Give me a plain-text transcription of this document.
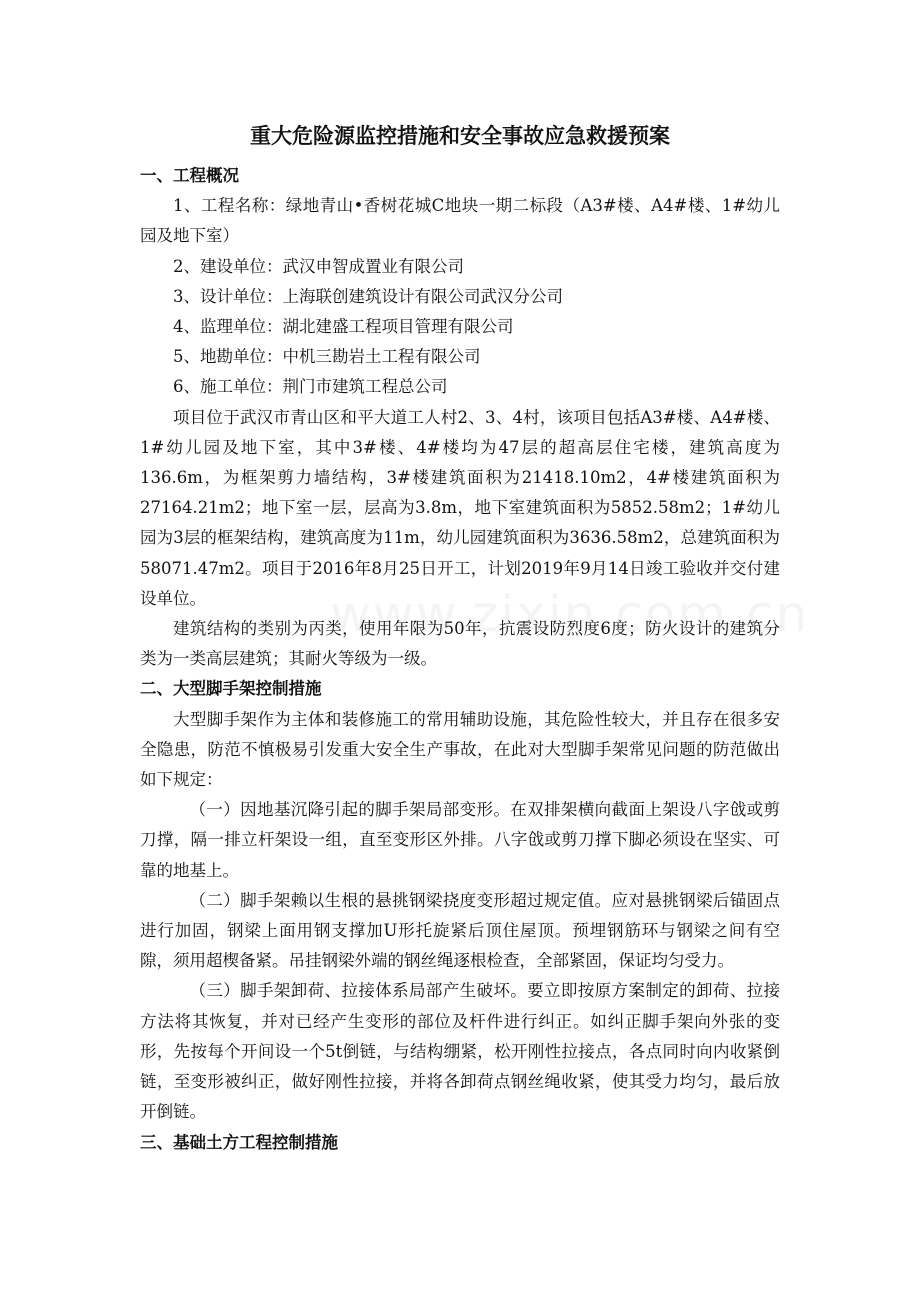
重大危险源监控措施和安全事故应急救援预案
一、工程概况
1、工程名称：绿地青山•香树花城C地块一期二标段（A3#楼、A4#楼、1#幼儿园及地下室）
2、建设单位：武汉申智成置业有限公司
3、设计单位：上海联创建筑设计有限公司武汉分公司
4、监理单位：湖北建盛工程项目管理有限公司
5、地勘单位：中机三勘岩土工程有限公司
6、施工单位：荆门市建筑工程总公司
项目位于武汉市青山区和平大道工人村2、3、4村，该项目包括A3#楼、A4#楼、1#幼儿园及地下室，其中3#楼、4#楼均为47层的超高层住宅楼，建筑高度为136.6m，为框架剪力墙结构，3#楼建筑面积为21418.10m2，4#楼建筑面积为27164.21m2；地下室一层，层高为3.8m，地下室建筑面积为5852.58m2；1#幼儿园为3层的框架结构，建筑高度为11m，幼儿园建筑面积为3636.58m2，总建筑面积为58071.47m2。项目于2016年8月25日开工，计划2019年9月14日竣工验收并交付建设单位。
建筑结构的类别为丙类，使用年限为50年，抗震设防烈度6度；防火设计的建筑分类为一类高层建筑；其耐火等级为一级。
二、大型脚手架控制措施
大型脚手架作为主体和装修施工的常用辅助设施，其危险性较大，并且存在很多安全隐患，防范不慎极易引发重大安全生产事故，在此对大型脚手架常见问题的防范做出如下规定：
（一）因地基沉降引起的脚手架局部变形。在双排架横向截面上架设八字戗或剪刀撑，隔一排立杆架设一组，直至变形区外排。八字戗或剪刀撑下脚必须设在坚实、可靠的地基上。
（二）脚手架赖以生根的悬挑钢梁挠度变形超过规定值。应对悬挑钢梁后锚固点进行加固，钢梁上面用钢支撑加U形托旋紧后顶住屋顶。预埋钢筋环与钢梁之间有空隙，须用超楔备紧。吊挂钢梁外端的钢丝绳逐根检查，全部紧固，保证均匀受力。
（三）脚手架卸荷、拉接体系局部产生破坏。要立即按原方案制定的卸荷、拉接方法将其恢复，并对已经产生变形的部位及杆件进行纠正。如纠正脚手架向外张的变形，先按每个开间设一个5t倒链，与结构绷紧，松开刚性拉接点，各点同时向内收紧倒链，至变形被纠正，做好刚性拉接，并将各卸荷点钢丝绳收紧，使其受力均匀，最后放开倒链。
三、基础土方工程控制措施
